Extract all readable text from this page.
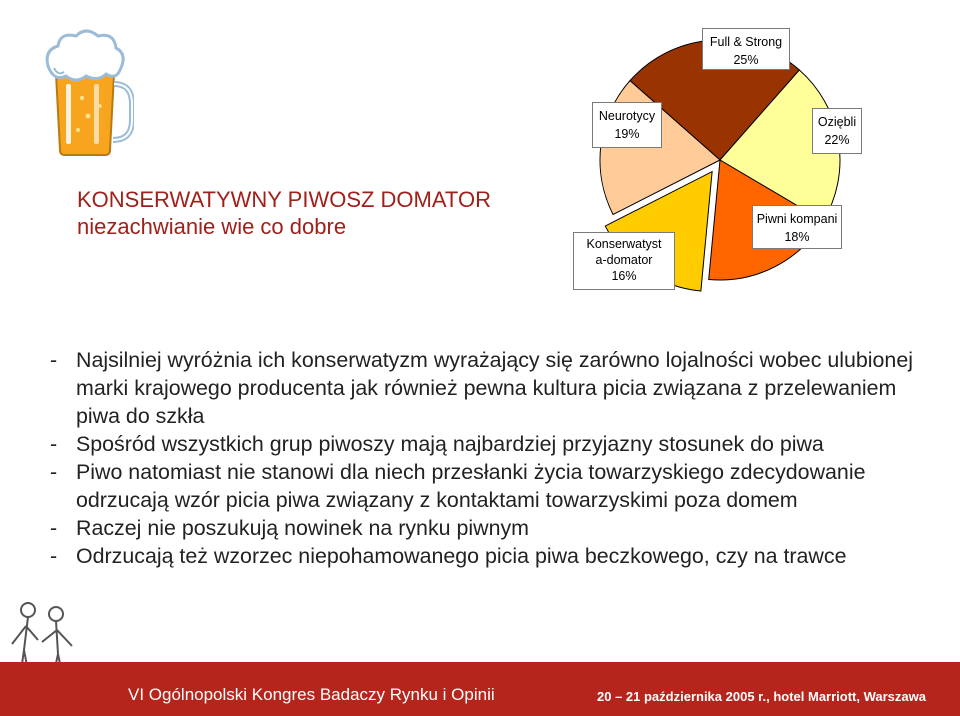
KONSERWATYWNY PIWOSZ DOMATOR
niezachwianie wie co dobre
Full & Strong
25%
Oziębli
22%
Piwni kompani
18%
Konserwatysta-domator
16%
Neurotycy
19%
- Najsilniej wyróżnia ich konserwatyzm wyrażający się zarówno lojalności wobec ulubionej marki krajowego producenta jak również pewna kultura picia związana z przelewaniem piwa do szkła
- Spośród wszystkich grup piwoszy mają najbardziej przyjazny stosunek do piwa
- Piwo natomiast nie stanowi dla niech przesłanki życia towarzyskiego zdecydowanie odrzucają wzór picia piwa związany z kontaktami towarzyskimi poza domem
- Raczej nie poszukują nowinek na rynku piwnym
- Odrzucają też wzorzec niepohamowanego picia piwa beczkowego, czy na trawce
VI Ogólnopolski Kongres Badaczy Rynku i Opinii	20 – 21 października 2005 r., hotel Marriott, Warszawa
